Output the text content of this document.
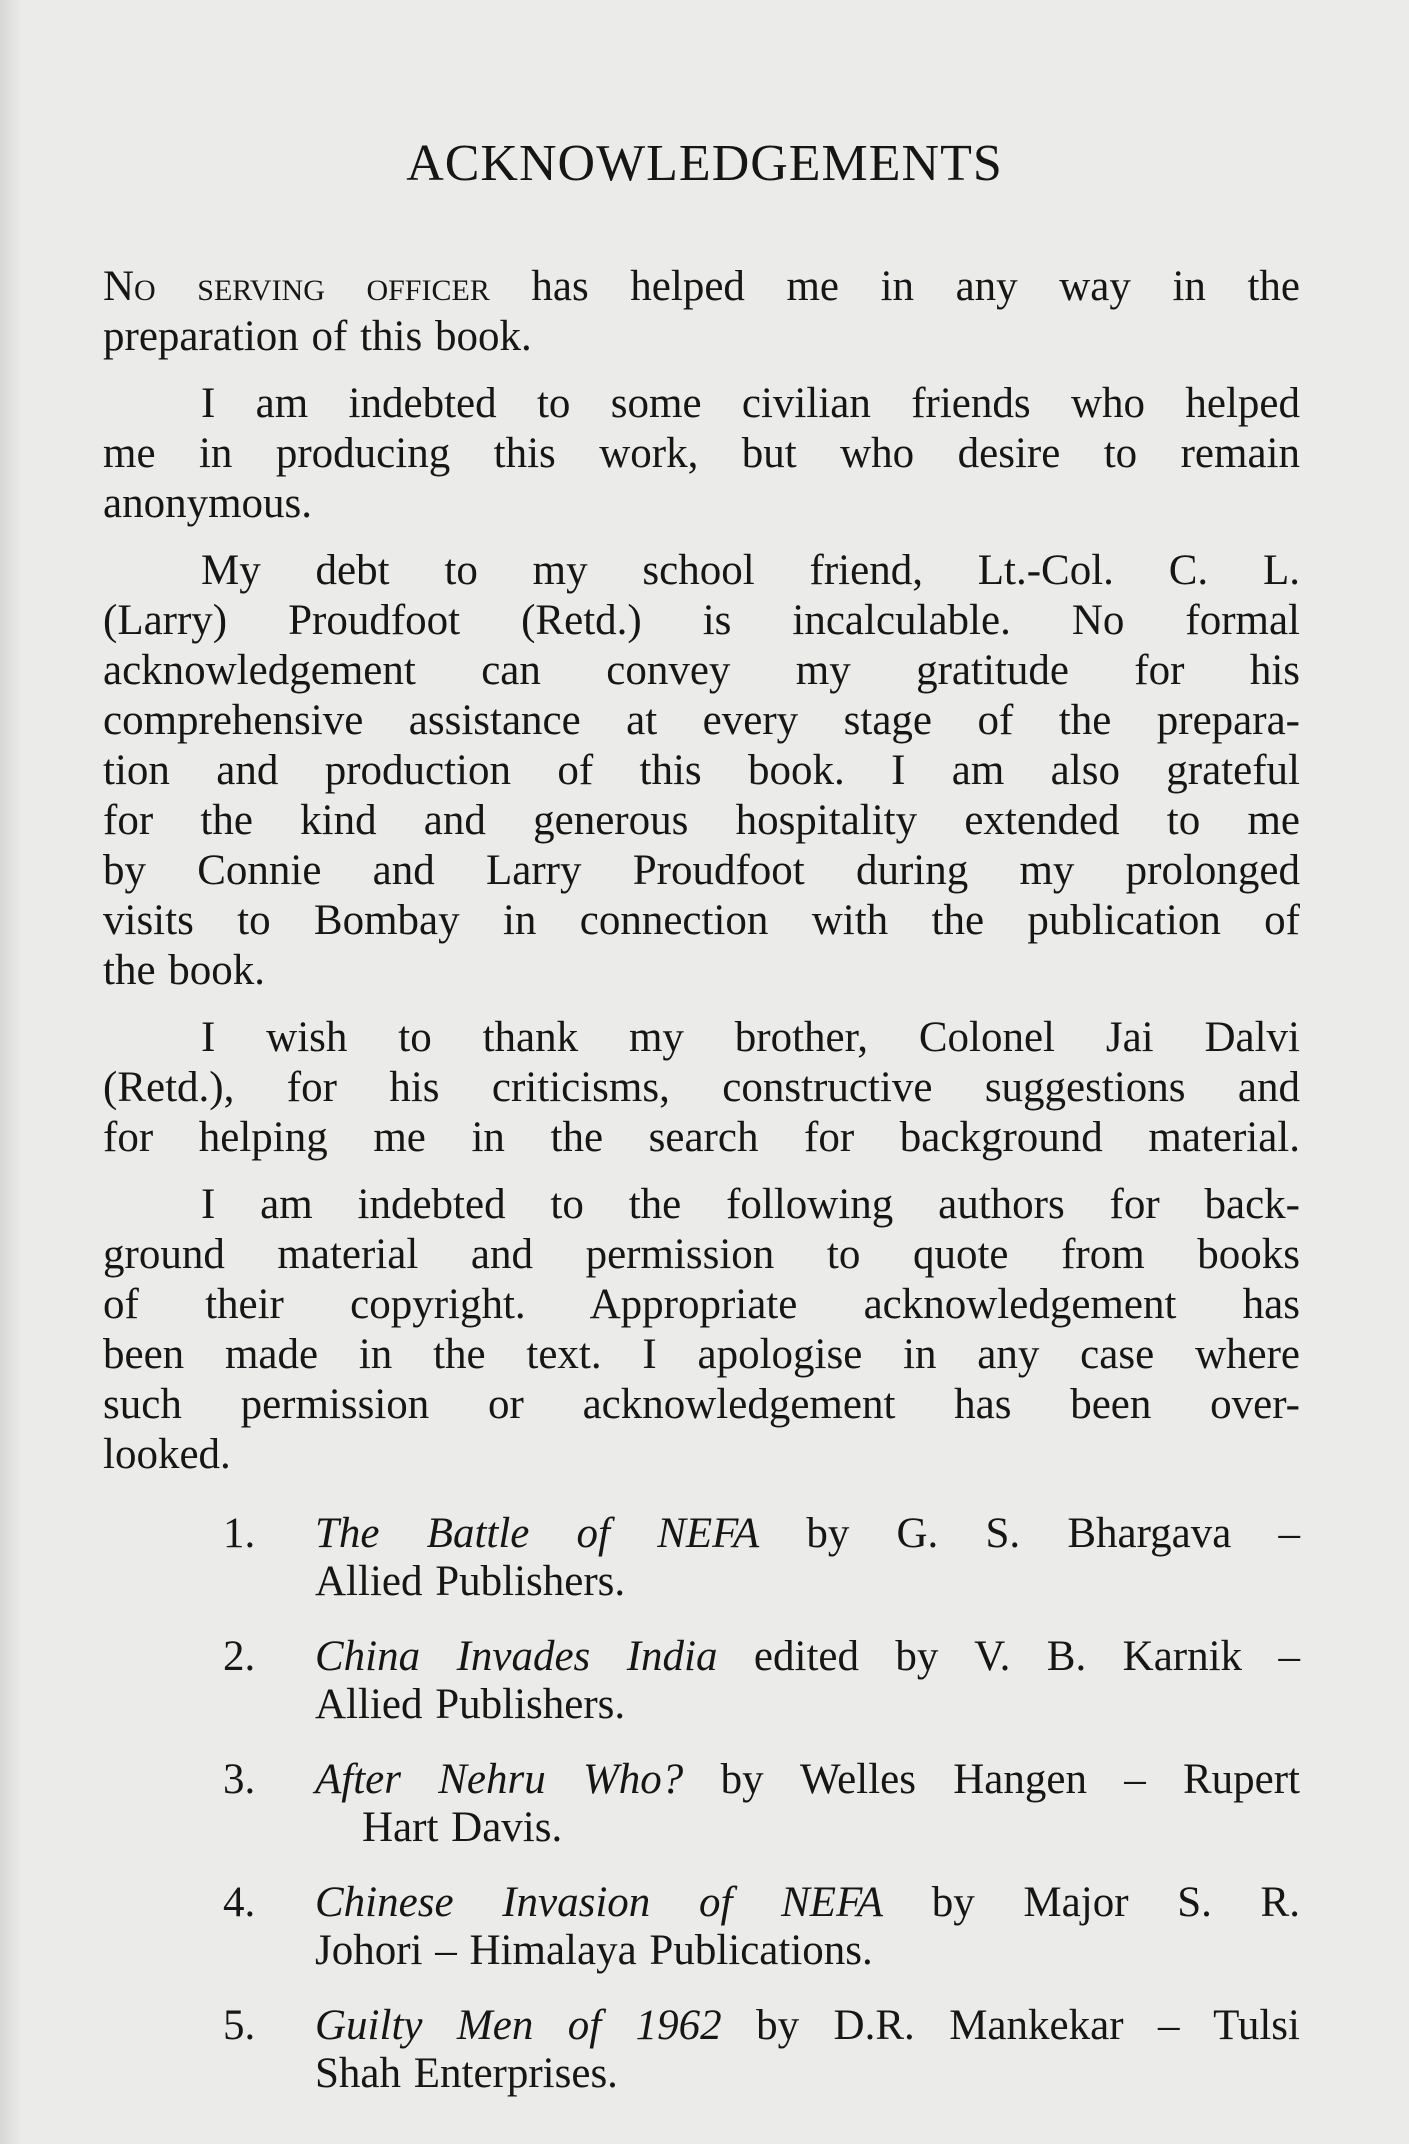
ACKNOWLEDGEMENTS
No serving officer has helped me in any way in the
preparation of this book.
I am indebted to some civilian friends who helped
me in producing this work, but who desire to remain
anonymous.
My debt to my school friend, Lt.-Col. C. L.
(Larry) Proudfoot (Retd.) is incalculable. No formal
acknowledgement can convey my gratitude for his
comprehensive assistance at every stage of the prepara-
tion and production of this book. I am also grateful
for the kind and generous hospitality extended to me
by Connie and Larry Proudfoot during my prolonged
visits to Bombay in connection with the publication of
the book.
I wish to thank my brother, Colonel Jai Dalvi
(Retd.), for his criticisms, constructive suggestions and
for helping me in the search for background material.
I am indebted to the following authors for back-
ground material and permission to quote from books
of their copyright. Appropriate acknowledgement has
been made in the text. I apologise in any case where
such permission or acknowledgement has been over-
looked.
1. The Battle of NEFA by G. S. Bhargava –
Allied Publishers.
2. China Invades India edited by V. B. Karnik –
Allied Publishers.
3. After Nehru Who? by Welles Hangen – Rupert
Hart Davis.
4. Chinese Invasion of NEFA by Major S. R.
Johori – Himalaya Publications.
5. Guilty Men of 1962 by D.R. Mankekar – Tulsi
Shah Enterprises.
